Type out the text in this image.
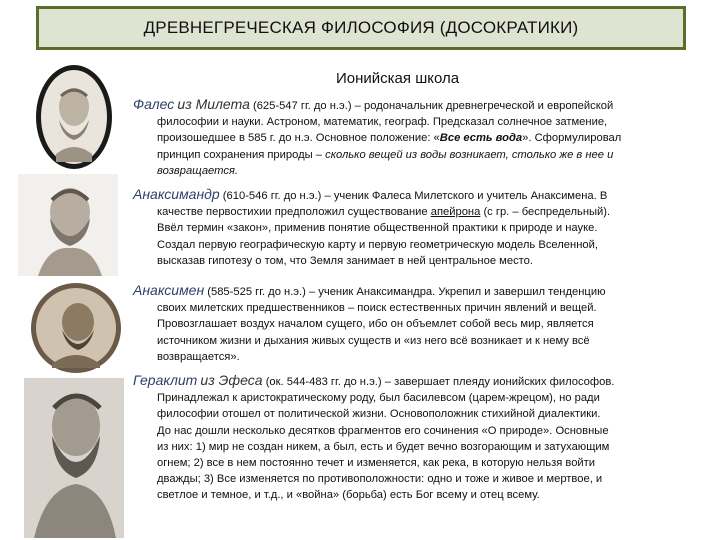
ДРЕВНЕГРЕЧЕСКАЯ ФИЛОСОФИЯ (ДОСОКРАТИКИ)
Ионийская школа
Фалес из Милета (625-547 гг. до н.э.) – родоначальник древнегреческой и европейской
философии и науки. Астроном, математик, географ. Предсказал солнечное затмение,
произошедшее в 585 г. до н.э. Основное положение: «Все есть вода». Сформулировал
принцип сохранения природы – сколько вещей из воды возникает, столько же в нее и
возвращается.
Анаксимандр (610-546 гг. до н.э.) – ученик Фалеса Милетского и учитель Анаксимена. В
качестве первостихии предположил существование апейрона (с гр. – беспредельный).
Ввёл термин «закон», применив понятие общественной практики к природе и науке.
Создал первую географическую карту и первую геометрическую модель Вселенной,
высказав гипотезу о том, что Земля занимает в ней центральное место.
Анаксимен (585-525 гг. до н.э.) – ученик Анаксимандра. Укрепил и завершил тенденцию
своих милетских предшественников – поиск естественных причин явлений и вещей.
Провозглашает воздух началом сущего, ибо он объемлет собой весь мир, является
источником жизни и дыхания живых существ и «из него всё возникает и к нему всё
возвращается».
Гераклит из Эфеса (ок. 544-483 гг. до н.э.) – завершает плеяду ионийских философов.
Принадлежал к аристократическому роду, был басилевсом (царем-жрецом), но ради
философии отошел от политической жизни. Основоположник стихийной диалектики.
До нас дошли несколько десятков фрагментов его сочинения «О природе». Основные
из них: 1) мир не создан никем, а был, есть и будет вечно возгорающим и затухающим
огнем; 2) все в нем постоянно течет и изменяется, как река, в которую нельзя войти
дважды; 3) Все изменяется по противоположности: одно и тоже и живое и мертвое, и
светлое и темное, и т.д., и «война» (борьба) есть Бог всему и отец всему.
